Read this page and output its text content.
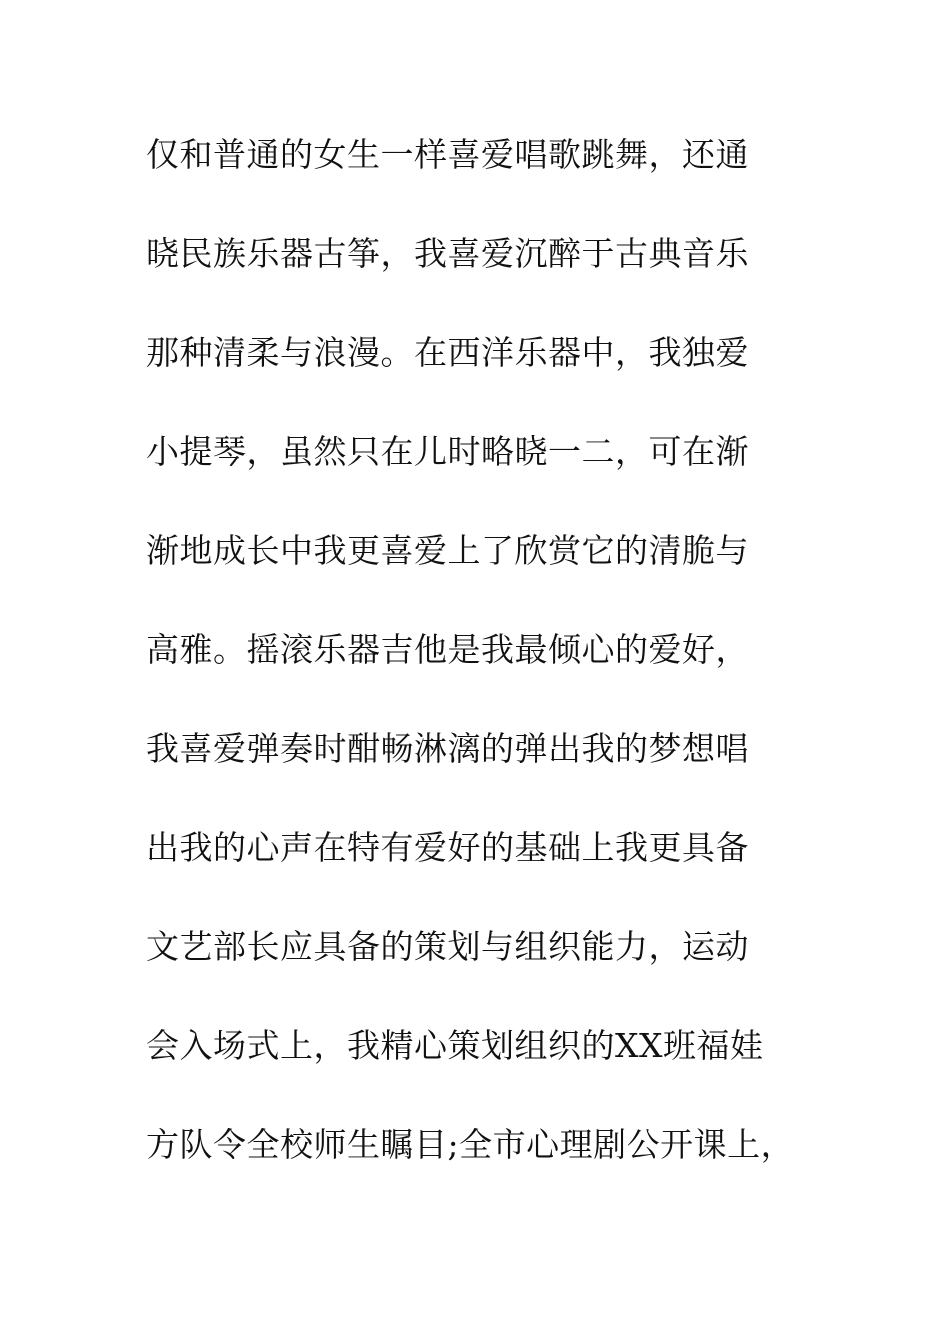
仅和普通的女生一样喜爱唱歌跳舞，还通
晓民族乐器古筝，我喜爱沉醉于古典音乐
那种清柔与浪漫。在西洋乐器中，我独爱
小提琴，虽然只在儿时略晓一二，可在渐
渐地成长中我更喜爱上了欣赏它的清脆与
高雅。摇滚乐器吉他是我最倾心的爱好，
我喜爱弹奏时酣畅淋漓的弹出我的梦想唱
出我的心声在特有爱好的基础上我更具备
文艺部长应具备的策划与组织能力，运动
会入场式上，我精心策划组织的XX班福娃
方队令全校师生瞩目;全市心理剧公开课上，
